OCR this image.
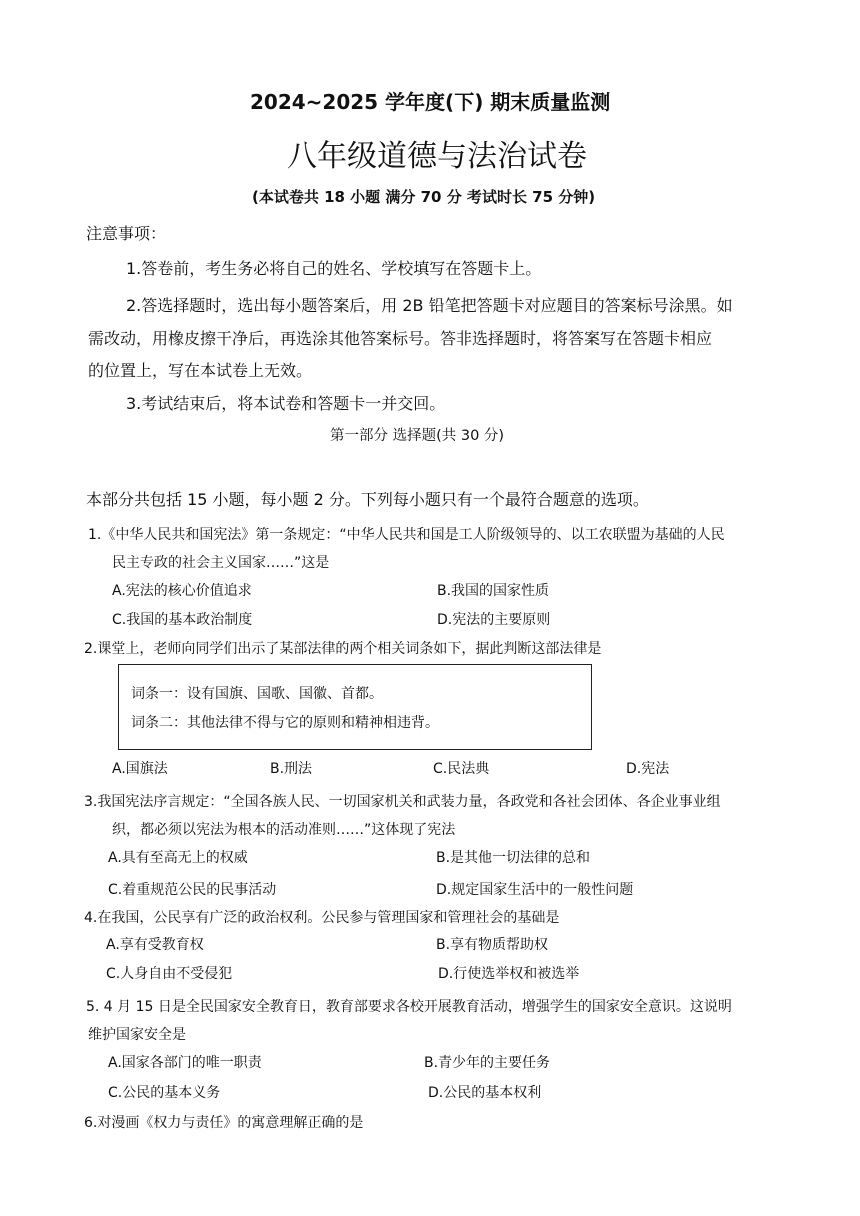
2024~2025 学年度(下) 期末质量监测
八年级道德与法治试卷
(本试卷共 18 小题 满分 70 分 考试时长 75 分钟)
注意事项：
1.答卷前，考生务必将自己的姓名、学校填写在答题卡上。
2.答选择题时，选出每小题答案后，用 2B 铅笔把答题卡对应题目的答案标号涂黑。如
需改动，用橡皮擦干净后，再选涂其他答案标号。答非选择题时，将答案写在答题卡相应
的位置上，写在本试卷上无效。
3.考试结束后，将本试卷和答题卡一并交回。
第一部分 选择题(共 30 分)
本部分共包括 15 小题，每小题 2 分。下列每小题只有一个最符合题意的选项。
1.《中华人民共和国宪法》第一条规定：“中华人民共和国是工人阶级领导的、以工农联盟为基础的人民
民主专政的社会主义国家……”这是
A.宪法的核心价值追求	B.我国的国家性质
C.我国的基本政治制度	D.宪法的主要原则
2.课堂上，老师向同学们出示了某部法律的两个相关词条如下，据此判断这部法律是
词条一：设有国旗、国歌、国徽、首都。
词条二：其他法律不得与它的原则和精神相违背。
A.国旗法	B.刑法	C.民法典	D.宪法
3.我国宪法序言规定：“全国各族人民、一切国家机关和武装力量，各政党和各社会团体、各企业事业组
织，都必须以宪法为根本的活动准则……”这体现了宪法
A.具有至高无上的权威	B.是其他一切法律的总和
C.着重规范公民的民事活动	D.规定国家生活中的一般性问题
4.在我国，公民享有广泛的政治权利。公民参与管理国家和管理社会的基础是
A.享有受教育权	B.享有物质帮助权
C.人身自由不受侵犯	D.行使选举权和被选举
5. 4 月 15 日是全民国家安全教育日，教育部要求各校开展教育活动，增强学生的国家安全意识。这说明
维护国家安全是
A.国家各部门的唯一职责	B.青少年的主要任务
C.公民的基本义务	D.公民的基本权利
6.对漫画《权力与责任》的寓意理解正确的是
